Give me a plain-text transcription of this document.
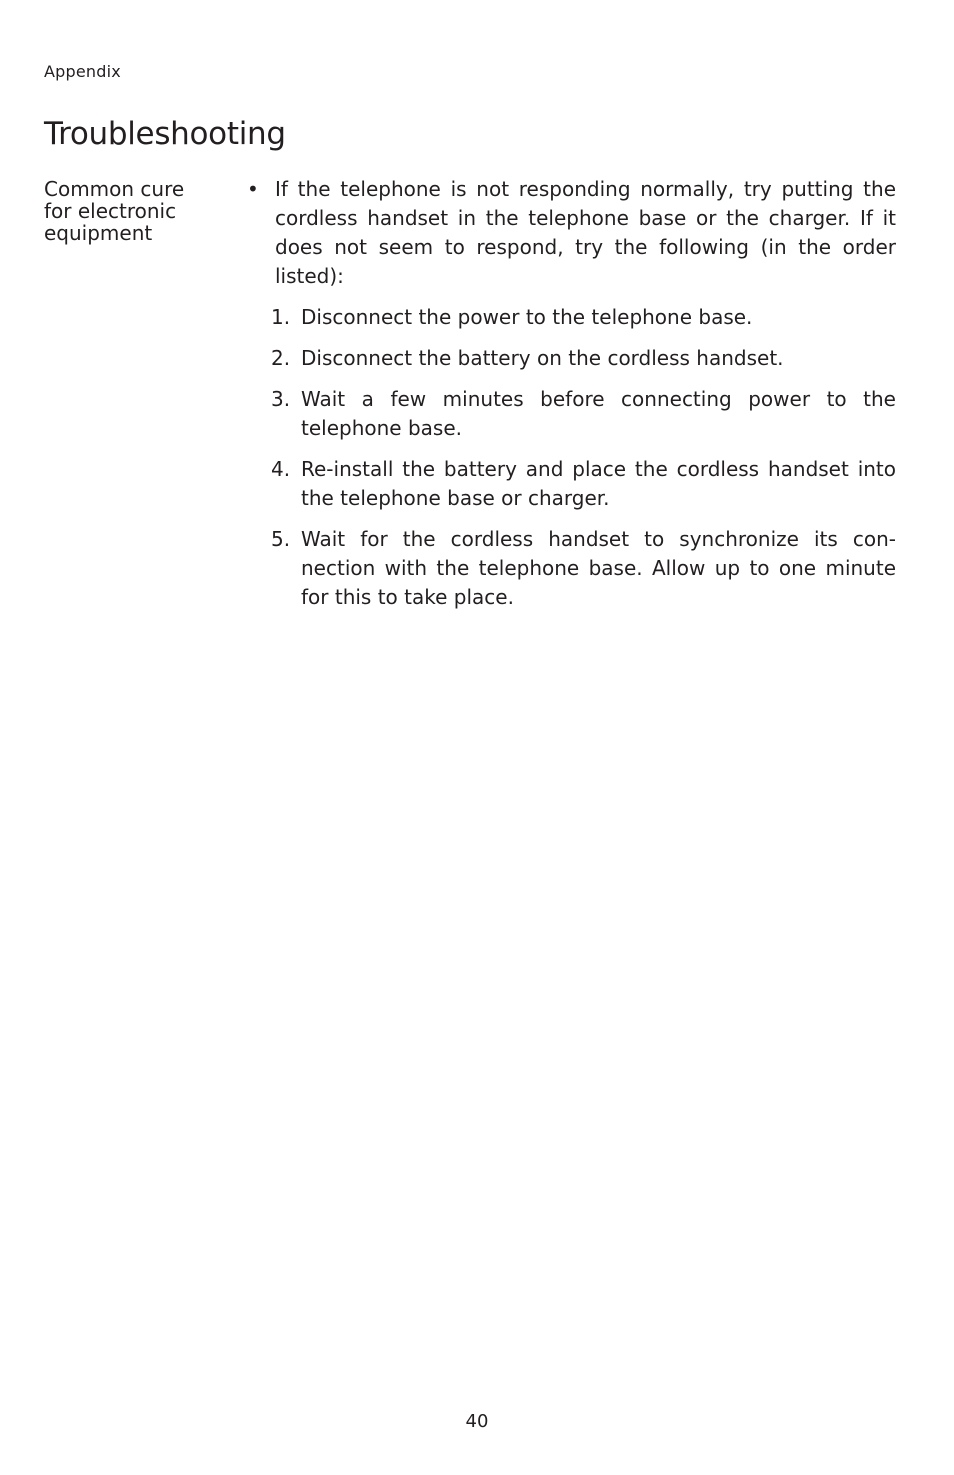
Appendix
Troubleshooting
Common cure
for electronic
equipment
• If the telephone is not responding normally, try putting the cordless handset in the telephone base or the charger. If it does not seem to respond, try the following (in the order listed):
1. Disconnect the power to the telephone base.
2. Disconnect the battery on the cordless handset.
3. Wait a few minutes before connecting power to the telephone base.
4. Re-install the battery and place the cordless handset into the telephone base or charger.
5. Wait for the cordless handset to synchronize its con-nection with the telephone base. Allow up to one minute for this to take place.
40
